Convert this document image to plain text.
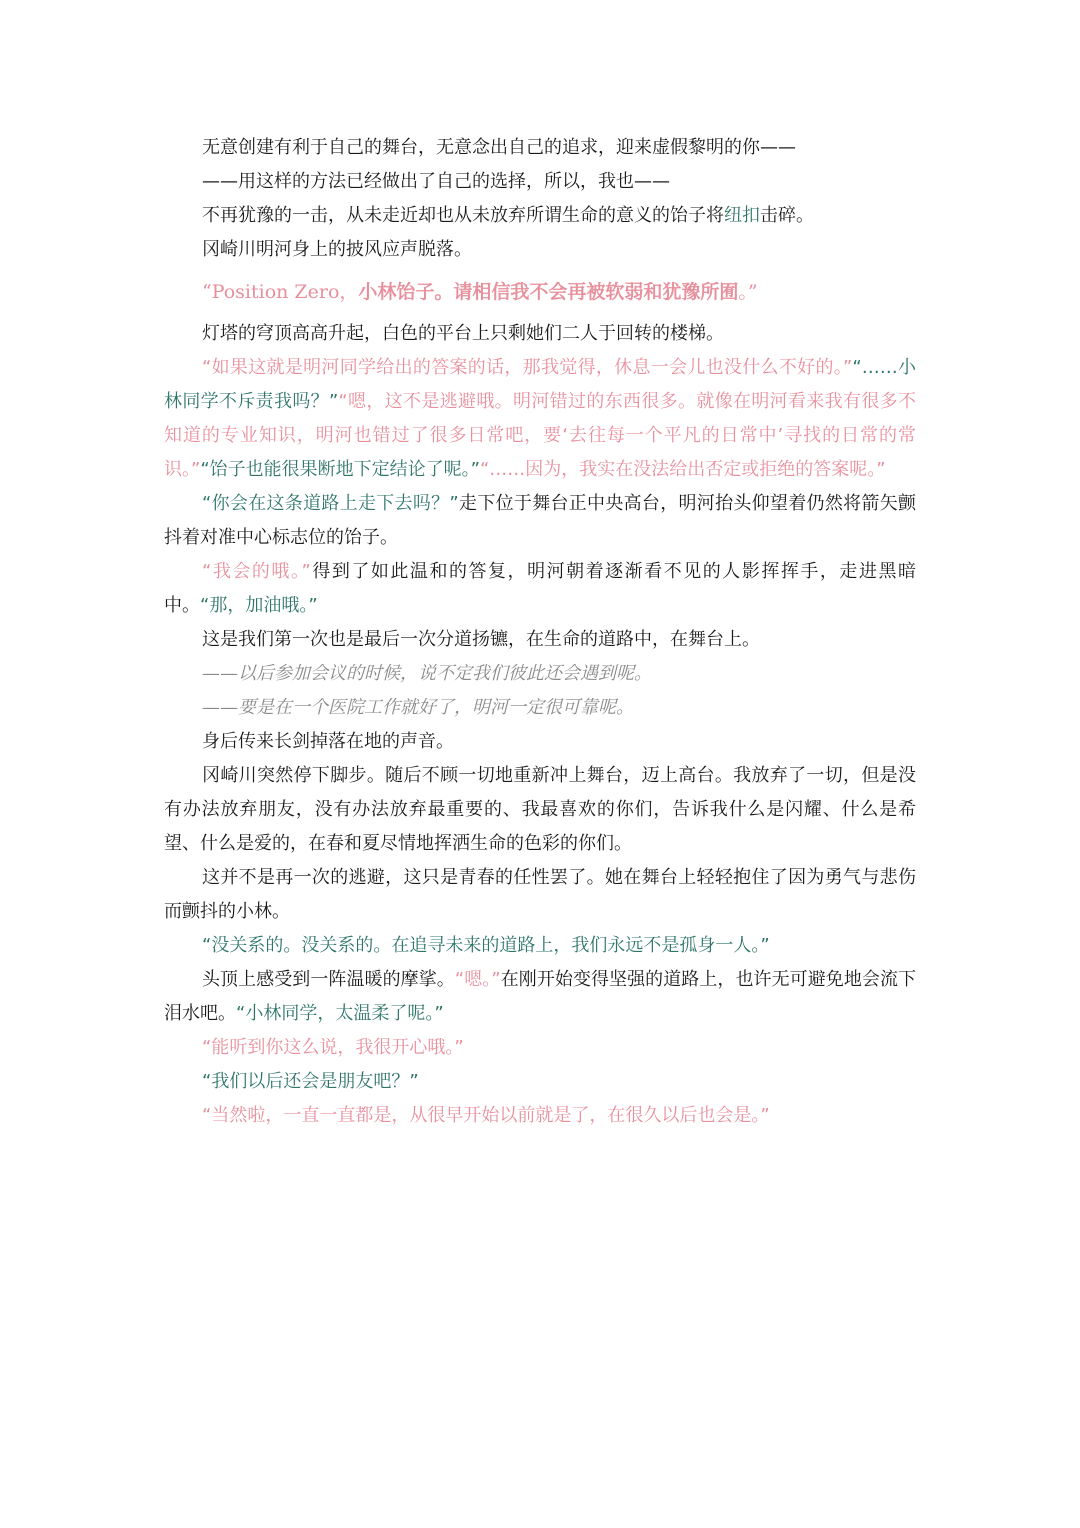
无意创建有利于自己的舞台，无意念出自己的追求，迎来虚假黎明的你——

——用这样的方法已经做出了自己的选择，所以，我也——

不再犹豫的一击，从未走近却也从未放弃所谓生命的意义的饴子将纽扣击碎。

冈崎川明河身上的披风应声脱落。

“Position Zero，小林饴子。请相信我不会再被软弱和犹豫所囿。”

灯塔的穹顶高高升起，白色的平台上只剩她们二人于回转的楼梯。

“如果这就是明河同学给出的答案的话，那我觉得，休息一会儿也没什么不好的。”“……小林同学不斥责我吗？”“嗯，这不是逃避哦。明河错过的东西很多。就像在明河看来我有很多不知道的专业知识，明河也错过了很多日常吧，要‘去往每一个平凡的日常中’寻找的日常的常识。”“饴子也能很果断地下定结论了呢。”“……因为，我实在没法给出否定或拒绝的答案呢。”

“你会在这条道路上走下去吗？”走下位于舞台正中央高台，明河抬头仰望着仍然将箭矢颤抖着对准中心标志位的饴子。

“我会的哦。”得到了如此温和的答复，明河朝着逐渐看不见的人影挥挥手，走进黑暗中。“那，加油哦。”

这是我们第一次也是最后一次分道扬镳，在生命的道路中，在舞台上。

——以后参加会议的时候，说不定我们彼此还会遇到呢。

——要是在一个医院工作就好了，明河一定很可靠呢。

身后传来长剑掉落在地的声音。

冈崎川突然停下脚步。随后不顾一切地重新冲上舞台，迈上高台。我放弃了一切，但是没有办法放弃朋友，没有办法放弃最重要的、我最喜欢的你们，告诉我什么是闪耀、什么是希望、什么是爱的，在春和夏尽情地挥洒生命的色彩的你们。

这并不是再一次的逃避，这只是青春的任性罢了。她在舞台上轻轻抱住了因为勇气与悲伤而颤抖的小林。

“没关系的。没关系的。在追寻未来的道路上，我们永远不是孤身一人。”

头顶上感受到一阵温暖的摩挲。“嗯。”在刚开始变得坚强的道路上，也许无可避免地会流下泪水吧。“小林同学，太温柔了呢。”

“能听到你这么说，我很开心哦。”

“我们以后还会是朋友吧？”

“当然啦，一直一直都是，从很早开始以前就是了，在很久以后也会是。”
